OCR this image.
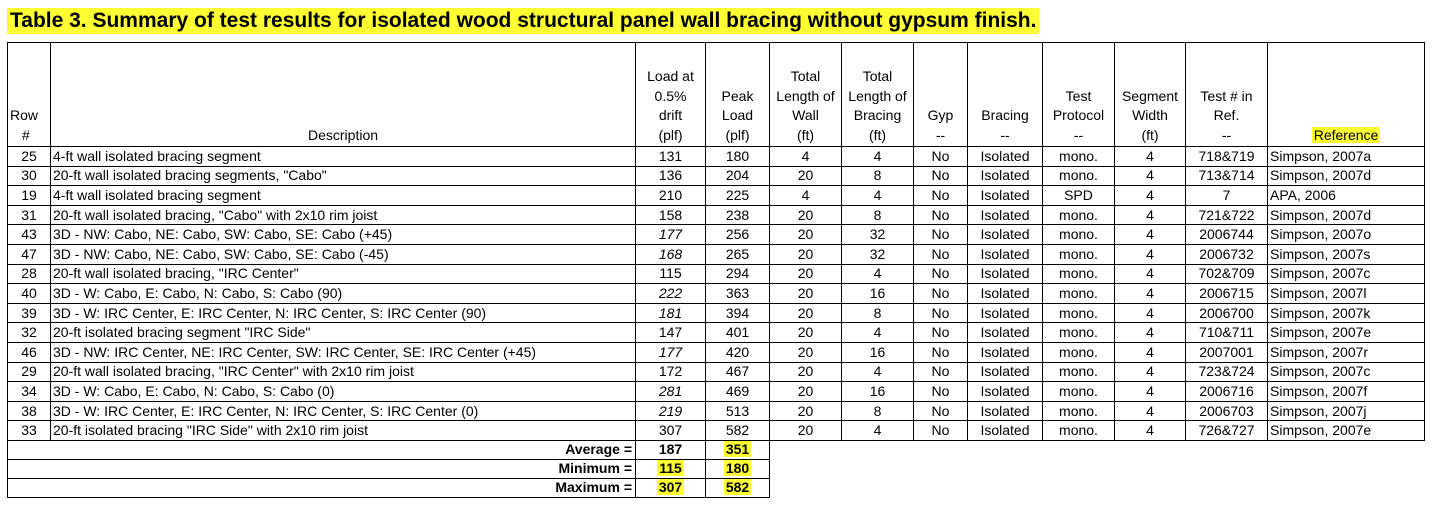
Table 3. Summary of test results for isolated wood structural panel wall bracing without gypsum finish.
Row
#	Description	Load at
0.5%
drift
(plf)	Peak
Load
(plf)	Total
Length of
Wall
(ft)	Total
Length of
Bracing
(ft)	Gyp
--	Bracing
--	Test
Protocol
--	Segment
Width
(ft)	Test # in
Ref.
--	Reference
25	4-ft wall isolated bracing segment	131	180	4	4	No	Isolated	mono.	4	718&719	Simpson, 2007a
30	20-ft wall isolated bracing segments, "Cabo"	136	204	20	8	No	Isolated	mono.	4	713&714	Simpson, 2007d
19	4-ft wall isolated bracing segment	210	225	4	4	No	Isolated	SPD	4	7	APA, 2006
31	20-ft wall isolated bracing, "Cabo" with 2x10 rim joist	158	238	20	8	No	Isolated	mono.	4	721&722	Simpson, 2007d
43	3D - NW: Cabo, NE: Cabo, SW: Cabo, SE: Cabo (+45)	177	256	20	32	No	Isolated	mono.	4	2006744	Simpson, 2007o
47	3D - NW: Cabo, NE: Cabo, SW: Cabo, SE: Cabo (-45)	168	265	20	32	No	Isolated	mono.	4	2006732	Simpson, 2007s
28	20-ft wall isolated bracing, "IRC Center"	115	294	20	4	No	Isolated	mono.	4	702&709	Simpson, 2007c
40	3D - W: Cabo, E: Cabo, N: Cabo, S: Cabo (90)	222	363	20	16	No	Isolated	mono.	4	2006715	Simpson, 2007l
39	3D - W: IRC Center, E: IRC Center, N: IRC Center, S: IRC Center (90)	181	394	20	8	No	Isolated	mono.	4	2006700	Simpson, 2007k
32	20-ft isolated bracing segment "IRC Side"	147	401	20	4	No	Isolated	mono.	4	710&711	Simpson, 2007e
46	3D - NW: IRC Center, NE: IRC Center, SW: IRC Center, SE: IRC Center (+45)	177	420	20	16	No	Isolated	mono.	4	2007001	Simpson, 2007r
29	20-ft wall isolated bracing, "IRC Center" with 2x10 rim joist	172	467	20	4	No	Isolated	mono.	4	723&724	Simpson, 2007c
34	3D - W: Cabo, E: Cabo, N: Cabo, S: Cabo (0)	281	469	20	16	No	Isolated	mono.	4	2006716	Simpson, 2007f
38	3D - W: IRC Center, E: IRC Center, N: IRC Center, S: IRC Center (0)	219	513	20	8	No	Isolated	mono.	4	2006703	Simpson, 2007j
33	20-ft isolated bracing "IRC Side" with 2x10 rim joist	307	582	20	4	No	Isolated	mono.	4	726&727	Simpson, 2007e
Average =		187	351								
Minimum =		115	180								
Maximum =		307	582								
